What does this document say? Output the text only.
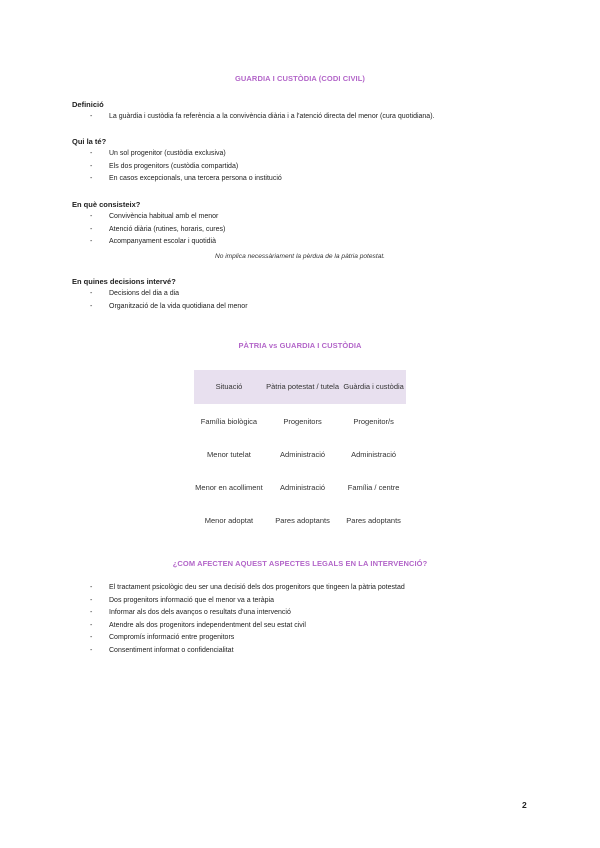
GUARDIA I CUSTÒDIA (CODI CIVIL)
Definició
- La guàrdia i custòdia fa referència a la convivència diària i a l'atenció directa del menor (cura quotidiana).
Qui la té?
- Un sol progenitor (custòdia exclusiva)
- Els dos progenitors (custòdia compartida)
- En casos excepcionals, una tercera persona o institució
En què consisteix?
- Convivència habitual amb el menor
- Atenció diària (rutines, horaris, cures)
- Acompanyament escolar i quotidià
No implica necessàriament la pèrdua de la pàtria potestat.
En quines decisions intervé?
- Decisions del dia a dia
- Organització de la vida quotidiana del menor
PÀTRIA vs GUARDIA I CUSTÒDIA
Situació	Pàtria potestat / tutela	Guàrdia i custòdia
Família biològica	Progenitors	Progenitor/s
Menor tutelat	Administració	Administració
Menor en acolliment	Administració	Família / centre
Menor adoptat	Pares adoptants	Pares adoptants
¿COM AFECTEN AQUEST ASPECTES LEGALS EN LA INTERVENCIÓ?
- El tractament psicològic deu ser una decisió dels dos progenitors que tingeen la pàtria potestad
- Dos progenitors informació que el menor va a teràpia
- Informar als dos dels avanços o resultats d'una intervenció
- Atendre als dos progenitors independentment del seu estat civil
- Compromís informació entre progenitors
- Consentiment informat o confidencialitat
2
